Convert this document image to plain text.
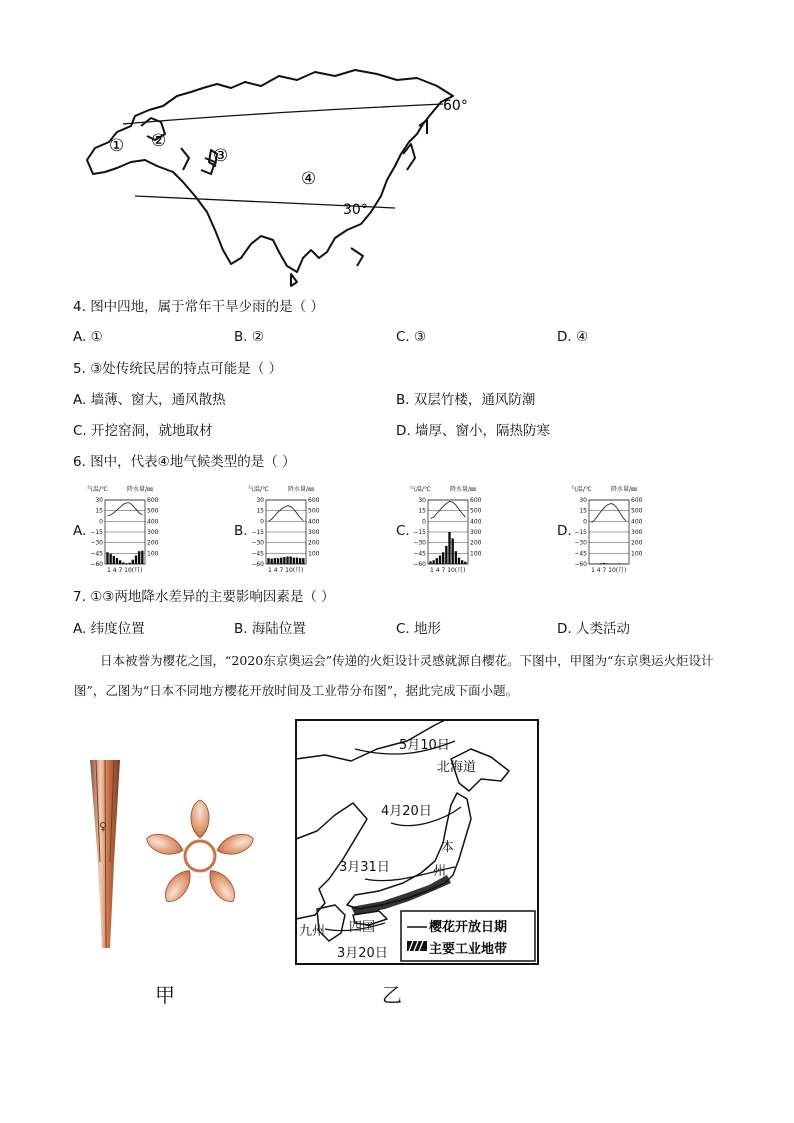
60°
30°
① ②
③
④
4. 图中四地，属于常年干旱少雨的是（ ）
A. ①	B. ②	C. ③	D. ④
5. ③处传统民居的特点可能是（ ）
A. 墙薄、窗大，通风散热	B. 双层竹楼，通风防潮
C. 开挖窑洞，就地取材	D. 墙厚、窗小，隔热防寒
6. 图中，代表④地气候类型的是（ ）
A.	B.	C.	D.
气温/℃	降水量/㎜
30
15
0
−15
−30
−45
−60
600
500
400
300
200
100
1 4 7 10(月)
气温/℃	降水量/㎜
30
15
0
−15
−30
−45
−60
600
500
400
300
200
100
1 4 7 10(月)
气温/℃	降水量/㎜
30
15
0
−15
−30
−45
−60
600
500
400
300
200
100
1 4 7 10(月)
气温/℃	降水量/㎜
30
15
0
−15
−30
−45
−60
600
500
400
300
200
100
1 4 7 10(月)
7. ①③两地降水差异的主要影响因素是（ ）
A. 纬度位置	B. 海陆位置	C. 地形	D. 人类活动
日本被誉为樱花之国，“2020东京奥运会”传递的火炬设计灵感就源自樱花。下图中，甲图为“东京奥运火炬设计图”，乙图为“日本不同地方樱花开放时间及工业带分布图”，据此完成下面小题。
♀
5月10日
北海道
4月20日
本
州
3月31日
九州 四国
3月20日
樱花开放日期
主要工业地带
甲	乙
